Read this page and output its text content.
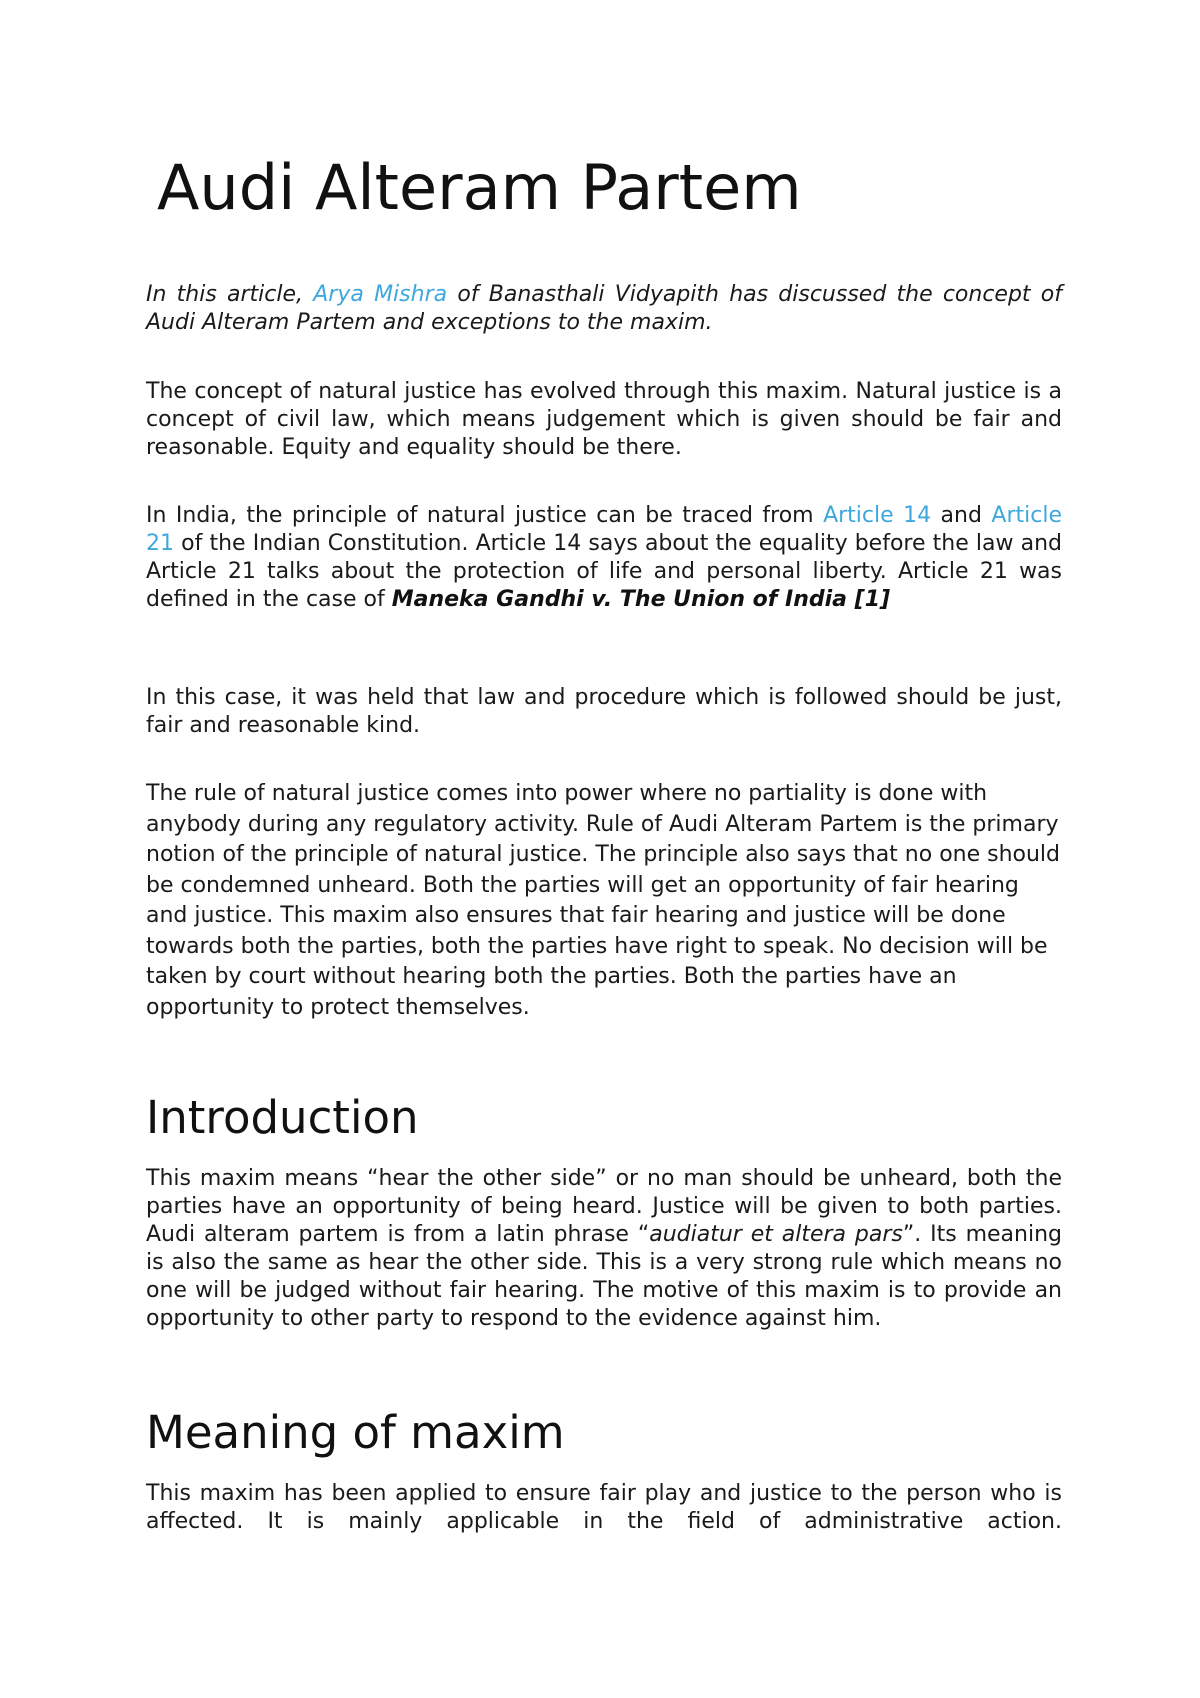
Audi Alteram Partem

In this article, Arya Mishra of Banasthali Vidyapith has discussed the concept of Audi Alteram Partem and exceptions to the maxim.

The concept of natural justice has evolved through this maxim. Natural justice is a concept of civil law, which means judgement which is given should be fair and reasonable. Equity and equality should be there.

In India, the principle of natural justice can be traced from Article 14 and Article 21 of the Indian Constitution. Article 14 says about the equality before the law and Article 21 talks about the protection of life and personal liberty. Article 21 was defined in the case of Maneka Gandhi v. The Union of India [1]

In this case, it was held that law and procedure which is followed should be just, fair and reasonable kind.

The rule of natural justice comes into power where no partiality is done with anybody during any regulatory activity. Rule of Audi Alteram Partem is the primary notion of the principle of natural justice. The principle also says that no one should be condemned unheard. Both the parties will get an opportunity of fair hearing and justice. This maxim also ensures that fair hearing and justice will be done towards both the parties, both the parties have right to speak. No decision will be taken by court without hearing both the parties. Both the parties have an opportunity to protect themselves.

Introduction

This maxim means “hear the other side” or no man should be unheard, both the parties have an opportunity of being heard. Justice will be given to both parties. Audi alteram partem is from a latin phrase “audiatur et altera pars”. Its meaning is also the same as hear the other side. This is a very strong rule which means no one will be judged without fair hearing. The motive of this maxim is to provide an opportunity to other party to respond to the evidence against him.

Meaning of maxim

This maxim has been applied to ensure fair play and justice to the person who is affected. It is mainly applicable in the field of administrative action.
